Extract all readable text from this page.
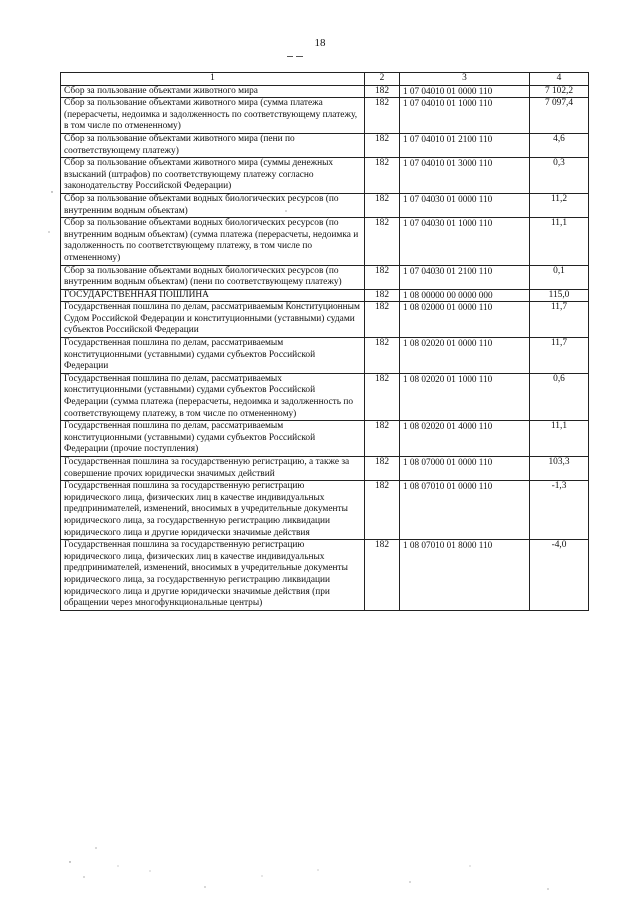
18
1	2	3	4
Сбор за пользование объектами животного мира	182	1 07 04010 01 0000 110	7 102,2
Сбор за пользование объектами животного мира (сумма платежа (перерасчеты, недоимка и задолженность по соответствующему платежу, в том числе по отмененному)	182	1 07 04010 01 1000 110	7 097,4
Сбор за пользование объектами животного мира (пени по соответствующему платежу)	182	1 07 04010 01 2100 110	4,6
Сбор за пользование объектами животного мира (суммы денежных взысканий (штрафов) по соответствующему платежу согласно законодательству Российской Федерации)	182	1 07 04010 01 3000 110	0,3
Сбор за пользование объектами водных биологических ресурсов (по внутренним водным объектам)	182	1 07 04030 01 0000 110	11,2
Сбор за пользование объектами водных биологических ресурсов (по внутренним водным объектам) (сумма платежа (перерасчеты, недоимка и задолженность по соответствующему платежу, в том числе по отмененному)	182	1 07 04030 01 1000 110	11,1
Сбор за пользование объектами водных биологических ресурсов (по внутренним водным объектам) (пени по соответствующему платежу)	182	1 07 04030 01 2100 110	0,1
ГОСУДАРСТВЕННАЯ ПОШЛИНА	182	1 08 00000 00 0000 000	115,0
Государственная пошлина по делам, рассматриваемым Конституционным Судом Российской Федерации и конституционными (уставными) судами субъектов Российской Федерации	182	1 08 02000 01 0000 110	11,7
Государственная пошлина по делам, рассматриваемым конституционными (уставными) судами субъектов Российской Федерации	182	1 08 02020 01 0000 110	11,7
Государственная пошлина по делам, рассматриваемых конституционными (уставными) судами субъектов Российской Федерации (сумма платежа (перерасчеты, недоимка и задолженность по соответствующему платежу, в том числе по отмененному)	182	1 08 02020 01 1000 110	0,6
Государственная пошлина по делам, рассматриваемым конституционными (уставными) судами субъектов Российской Федерации (прочие поступления)	182	1 08 02020 01 4000 110	11,1
Государственная пошлина за государственную регистрацию, а также за совершение прочих юридически значимых действий	182	1 08 07000 01 0000 110	103,3
Государственная пошлина за государственную регистрацию юридического лица, физических лиц в качестве индивидуальных предпринимателей, изменений, вносимых в учредительные документы юридического лица, за государственную регистрацию ликвидации юридического лица и другие юридически значимые действия	182	1 08 07010 01 0000 110	-1,3
Государственная пошлина за государственную регистрацию юридического лица, физических лиц в качестве индивидуальных предпринимателей, изменений, вносимых в учредительные документы юридического лица, за государственную регистрацию ликвидации юридического лица и другие юридически значимые действия (при обращении через многофункциональные центры)	182	1 08 07010 01 8000 110	-4,0
